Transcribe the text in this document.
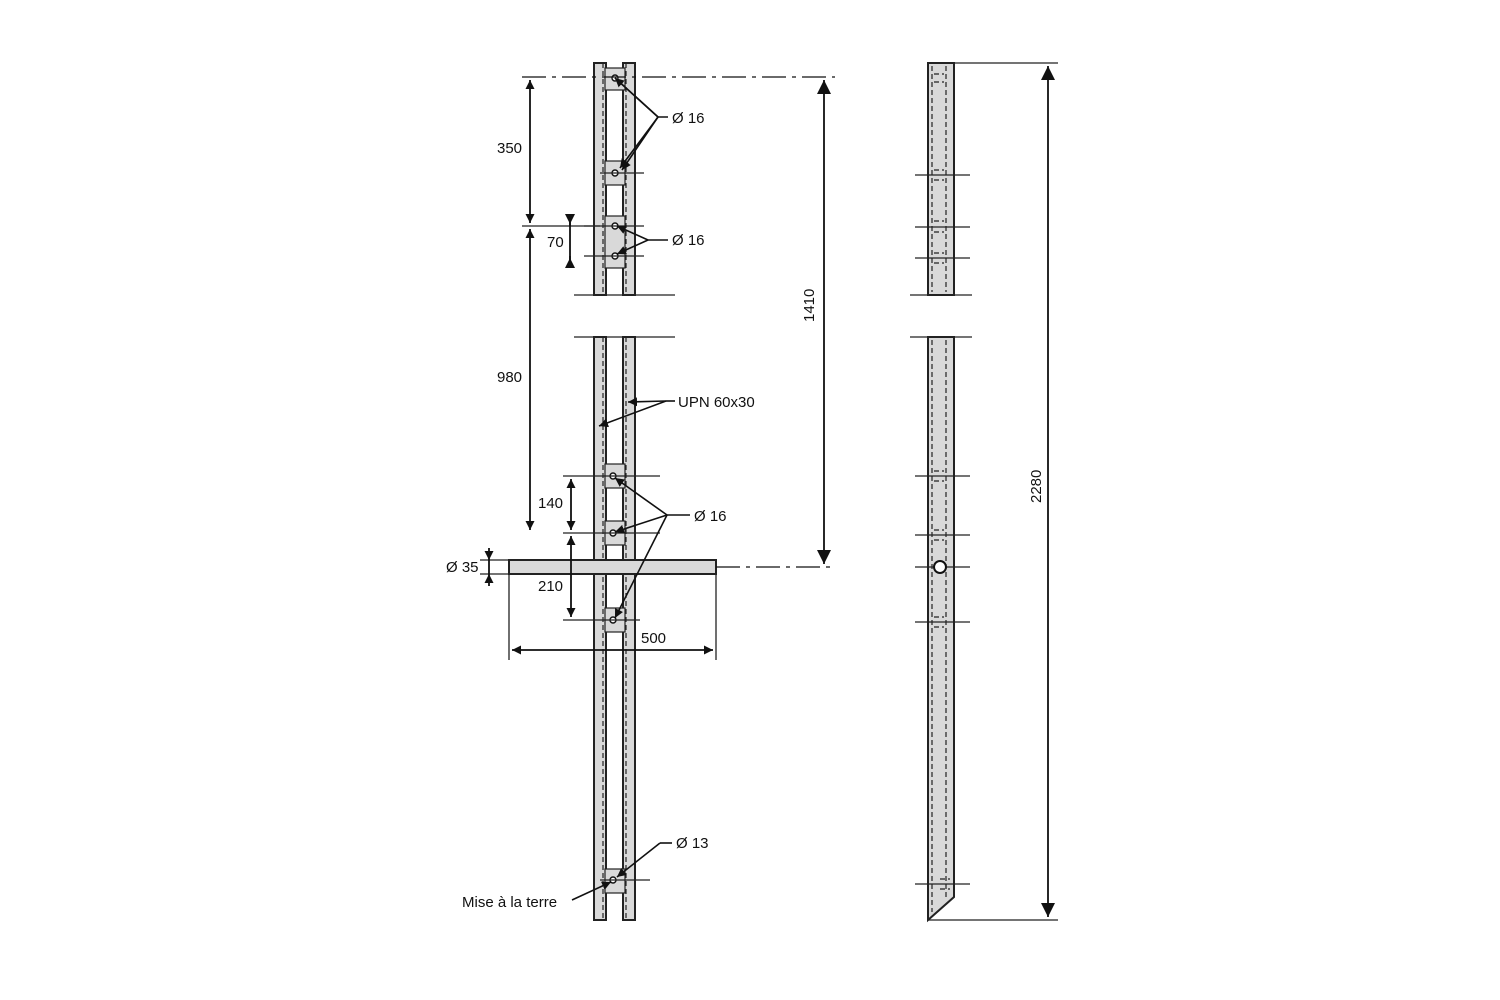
350
70
980
140
210
500
Ø 35
1410
Ø 16
Ø 16
UPN 60x30
Ø 16
Ø 13
Mise à la terre
2280
